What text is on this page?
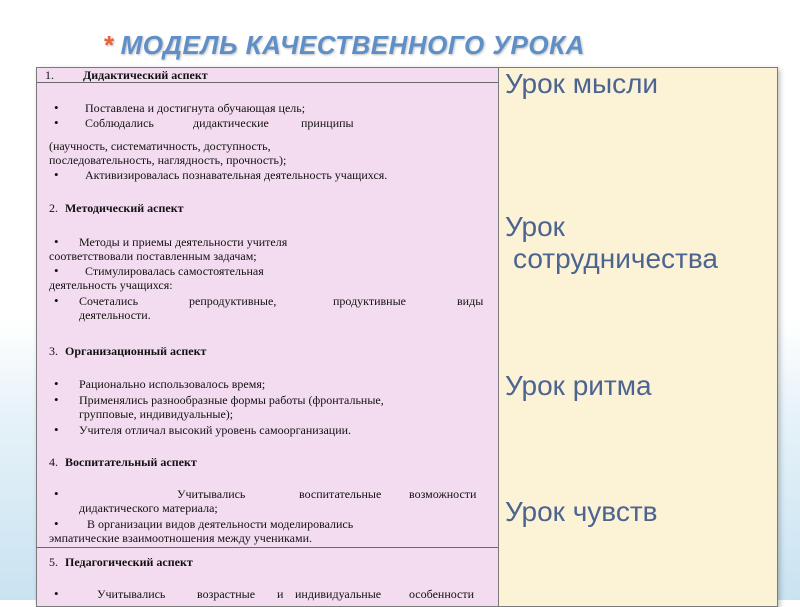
* МОДЕЛЬ КАЧЕСТВЕННОГО УРОКА
1. Дидактический аспект
• Поставлена и достигнута обучающая цель;
• Соблюдались	дидактические	принципы
(научность, систематичность, доступность,
последовательность, наглядность, прочность);
• Активизировалась познавательная деятельность учащихся.
2. Методический аспект
• Методы и приемы деятельности учителя
соответствовали поставленным задачам;
• Стимулировалась самостоятельная
деятельность учащихся:
• Сочетались	репродуктивные,	продуктивные	виды
деятельности.
3. Организационный аспект
• Рационально использовалось время;
• Применялись разнообразные формы работы (фронтальные,
групповые, индивидуальные);
• Учителя отличал высокий уровень самоорганизации.
4. Воспитательный аспект
•	Учитывались	воспитательные возможности
дидактического материала;
• В организации видов деятельности моделировались
эмпатические взаимоотношения между учениками.
5. Педагогический аспект
•	Учитывались	возрастные и индивидуальные особенности
Урок мысли
Урок
сотрудничества
Урок ритма
Урок чувств
